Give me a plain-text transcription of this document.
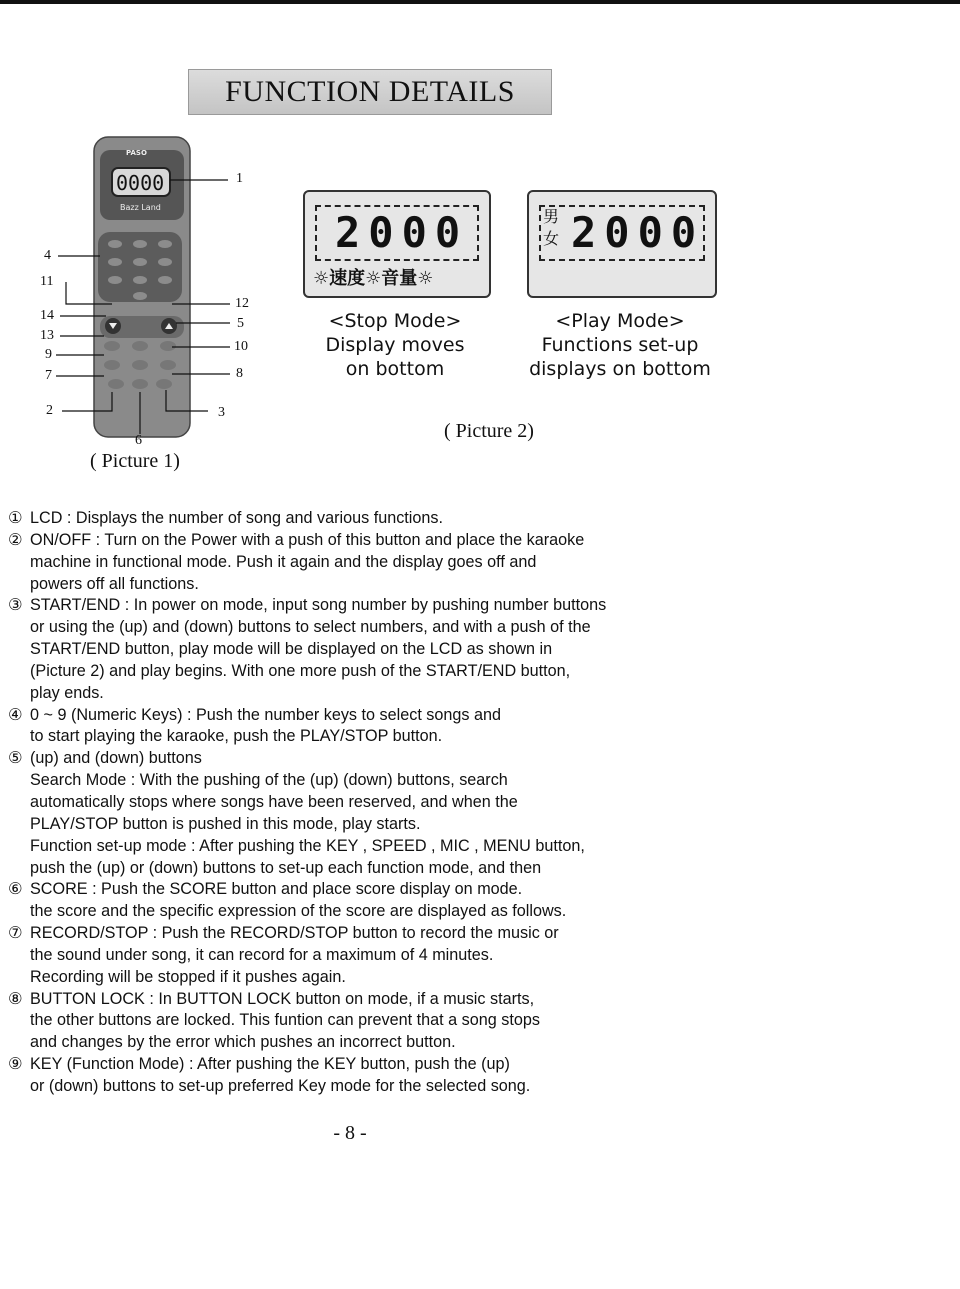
FUNCTION DETAILS
PASO
0000
Bazz Land
1
4
11
12
14
5
13
10
9
8
7
2	3
6
( Picture 1)
2000
☼速度☼音量☼
男
女 2000
<Stop Mode>
Display moves
on bottom
<Play Mode>
Functions set-up
displays on bottom
( Picture 2)
① LCD : Displays the number of song and various functions.
② ON/OFF : Turn on the Power with a push of this button and place the karaoke
machine in functional mode. Push it again and the display goes off and
powers off all functions.
③ START/END : In power on mode, input song number by pushing number buttons
or using the (up) and (down) buttons to select numbers, and with a push of the
START/END button, play mode will be displayed on the LCD as shown in
(Picture 2) and play begins. With one more push of the START/END button,
play ends.
④ 0 ~ 9 (Numeric Keys) : Push the number keys to select songs and
to start playing the karaoke, push the PLAY/STOP button.
⑤ (up) and (down) buttons
Search Mode : With the pushing of the (up) (down) buttons, search
automatically stops where songs have been reserved, and when the
PLAY/STOP button is pushed in this mode, play starts.
Function set-up mode : After pushing the KEY , SPEED , MIC , MENU button,
push the (up) or (down) buttons to set-up each function mode, and then
⑥ SCORE : Push the SCORE button and place score display on mode.
the score and the specific expression of the score are displayed as follows.
⑦ RECORD/STOP : Push the RECORD/STOP button to record the music or
the sound under song, it can record for a maximum of 4 minutes.
Recording will be stopped if it pushes again.
⑧ BUTTON LOCK : In BUTTON LOCK button on mode, if a music starts,
the other buttons are locked. This funtion can prevent that a song stops
and changes by the error which pushes an incorrect button.
⑨ KEY (Function Mode) : After pushing the KEY button, push the (up)
or (down) buttons to set-up preferred Key mode for the selected song.
- 8 -
